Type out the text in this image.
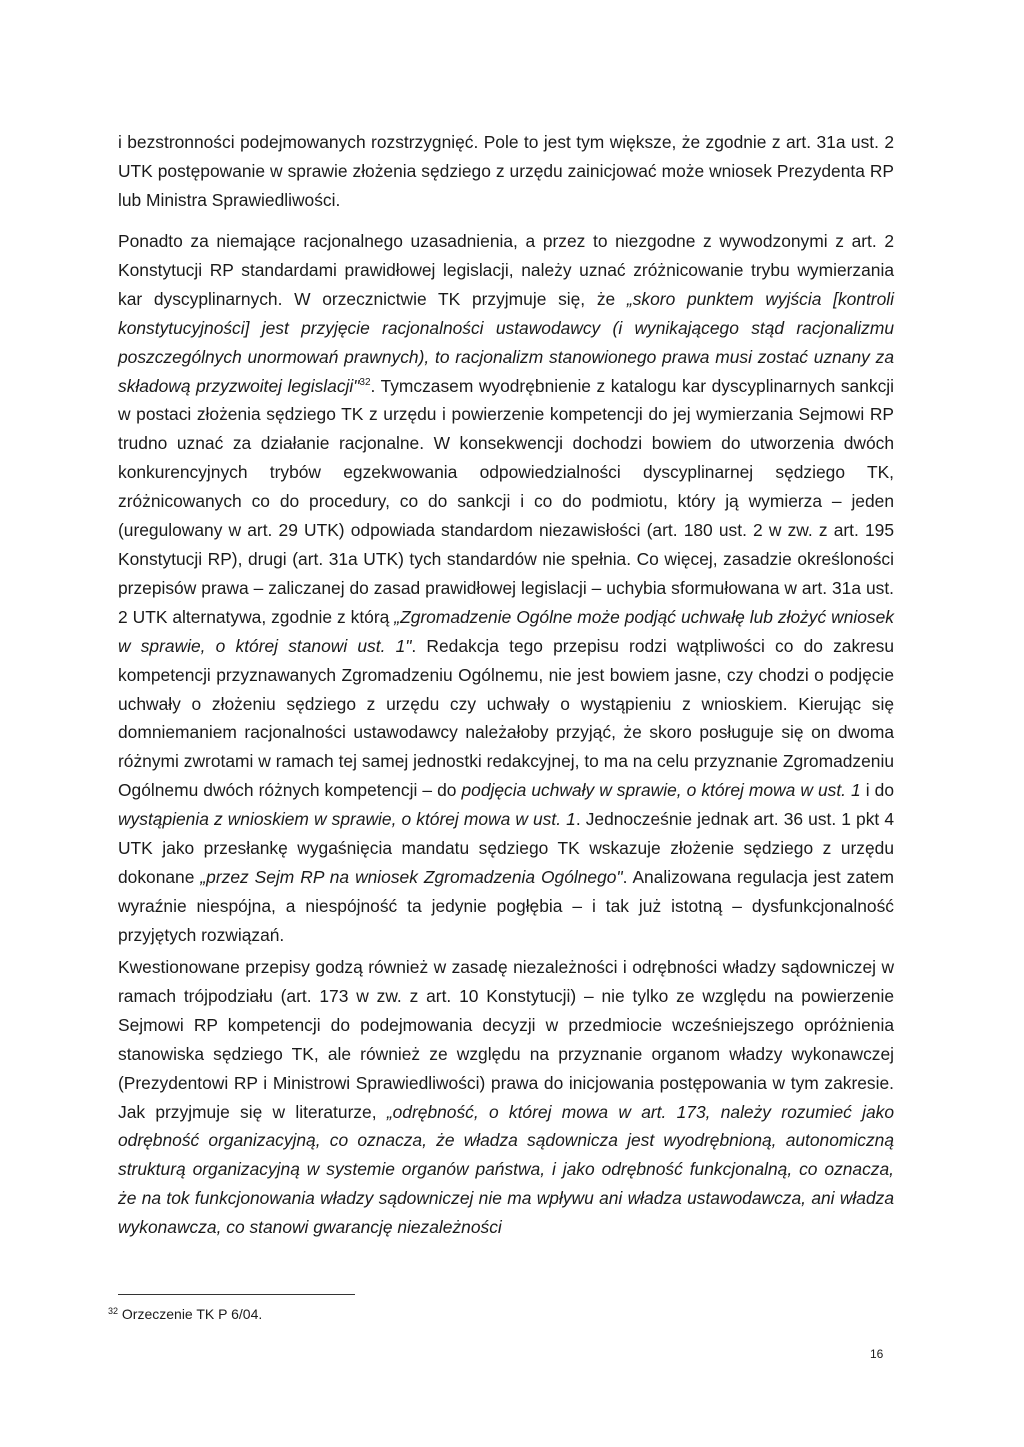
i bezstronności podejmowanych rozstrzygnięć. Pole to jest tym większe, że zgodnie z art. 31a ust. 2 UTK postępowanie w sprawie złożenia sędziego z urzędu zainicjować może wniosek Prezydenta RP lub Ministra Sprawiedliwości.

Ponadto za niemające racjonalnego uzasadnienia, a przez to niezgodne z wywodzonymi z art. 2 Konstytucji RP standardami prawidłowej legislacji, należy uznać zróżnicowanie trybu wymierzania kar dyscyplinarnych. W orzecznictwie TK przyjmuje się, że „skoro punktem wyjścia [kontroli konstytucyjności] jest przyjęcie racjonalności ustawodawcy (i wynikającego stąd racjonalizmu poszczególnych unormowań prawnych), to racjonalizm stanowionego prawa musi zostać uznany za składową przyzwoitej legislacji"$^{32}$. Tymczasem wyodrębnienie z katalogu kar dyscyplinarnych sankcji w postaci złożenia sędziego TK z urzędu i powierzenie kompetencji do jej wymierzania Sejmowi RP trudno uznać za działanie racjonalne. W konsekwencji dochodzi bowiem do utworzenia dwóch konkurencyjnych trybów egzekwowania odpowiedzialności dyscyplinarnej sędziego TK, zróżnicowanych co do procedury, co do sankcji i co do podmiotu, który ją wymierza – jeden (uregulowany w art. 29 UTK) odpowiada standardom niezawisłości (art. 180 ust. 2 w zw. z art. 195 Konstytucji RP), drugi (art. 31a UTK) tych standardów nie spełnia. Co więcej, zasadzie określoności przepisów prawa – zaliczanej do zasad prawidłowej legislacji – uchybia sformułowana w art. 31a ust. 2 UTK alternatywa, zgodnie z którą „Zgromadzenie Ogólne może podjąć uchwałę lub złożyć wniosek w sprawie, o której stanowi ust. 1". Redakcja tego przepisu rodzi wątpliwości co do zakresu kompetencji przyznawanych Zgromadzeniu Ogólnemu, nie jest bowiem jasne, czy chodzi o podjęcie uchwały o złożeniu sędziego z urzędu czy uchwały o wystąpieniu z wnioskiem. Kierując się domniemaniem racjonalności ustawodawcy należałoby przyjąć, że skoro posługuje się on dwoma różnymi zwrotami w ramach tej samej jednostki redakcyjnej, to ma na celu przyznanie Zgromadzeniu Ogólnemu dwóch różnych kompetencji – do podjęcia uchwały w sprawie, o której mowa w ust. 1 i do wystąpienia z wnioskiem w sprawie, o której mowa w ust. 1. Jednocześnie jednak art. 36 ust. 1 pkt 4 UTK jako przesłankę wygaśnięcia mandatu sędziego TK wskazuje złożenie sędziego z urzędu dokonane „przez Sejm RP na wniosek Zgromadzenia Ogólnego". Analizowana regulacja jest zatem wyraźnie niespójna, a niespójność ta jedynie pogłębia – i tak już istotną – dysfunkcjonalność przyjętych rozwiązań.

Kwestionowane przepisy godzą również w zasadę niezależności i odrębności władzy sądowniczej w ramach trójpodziału (art. 173 w zw. z art. 10 Konstytucji) – nie tylko ze względu na powierzenie Sejmowi RP kompetencji do podejmowania decyzji w przedmiocie wcześniejszego opróżnienia stanowiska sędziego TK, ale również ze względu na przyznanie organom władzy wykonawczej (Prezydentowi RP i Ministrowi Sprawiedliwości) prawa do inicjowania postępowania w tym zakresie. Jak przyjmuje się w literaturze, „odrębność, o której mowa w art. 173, należy rozumieć jako odrębność organizacyjną, co oznacza, że władza sądownicza jest wyodrębnioną, autonomiczną strukturą organizacyjną w systemie organów państwa, i jako odrębność funkcjonalną, co oznacza, że na tok funkcjonowania władzy sądowniczej nie ma wpływu ani władza ustawodawcza, ani władza wykonawcza, co stanowi gwarancję niezależności

$^{32}$ Orzeczenie TK P 6/04.
16
